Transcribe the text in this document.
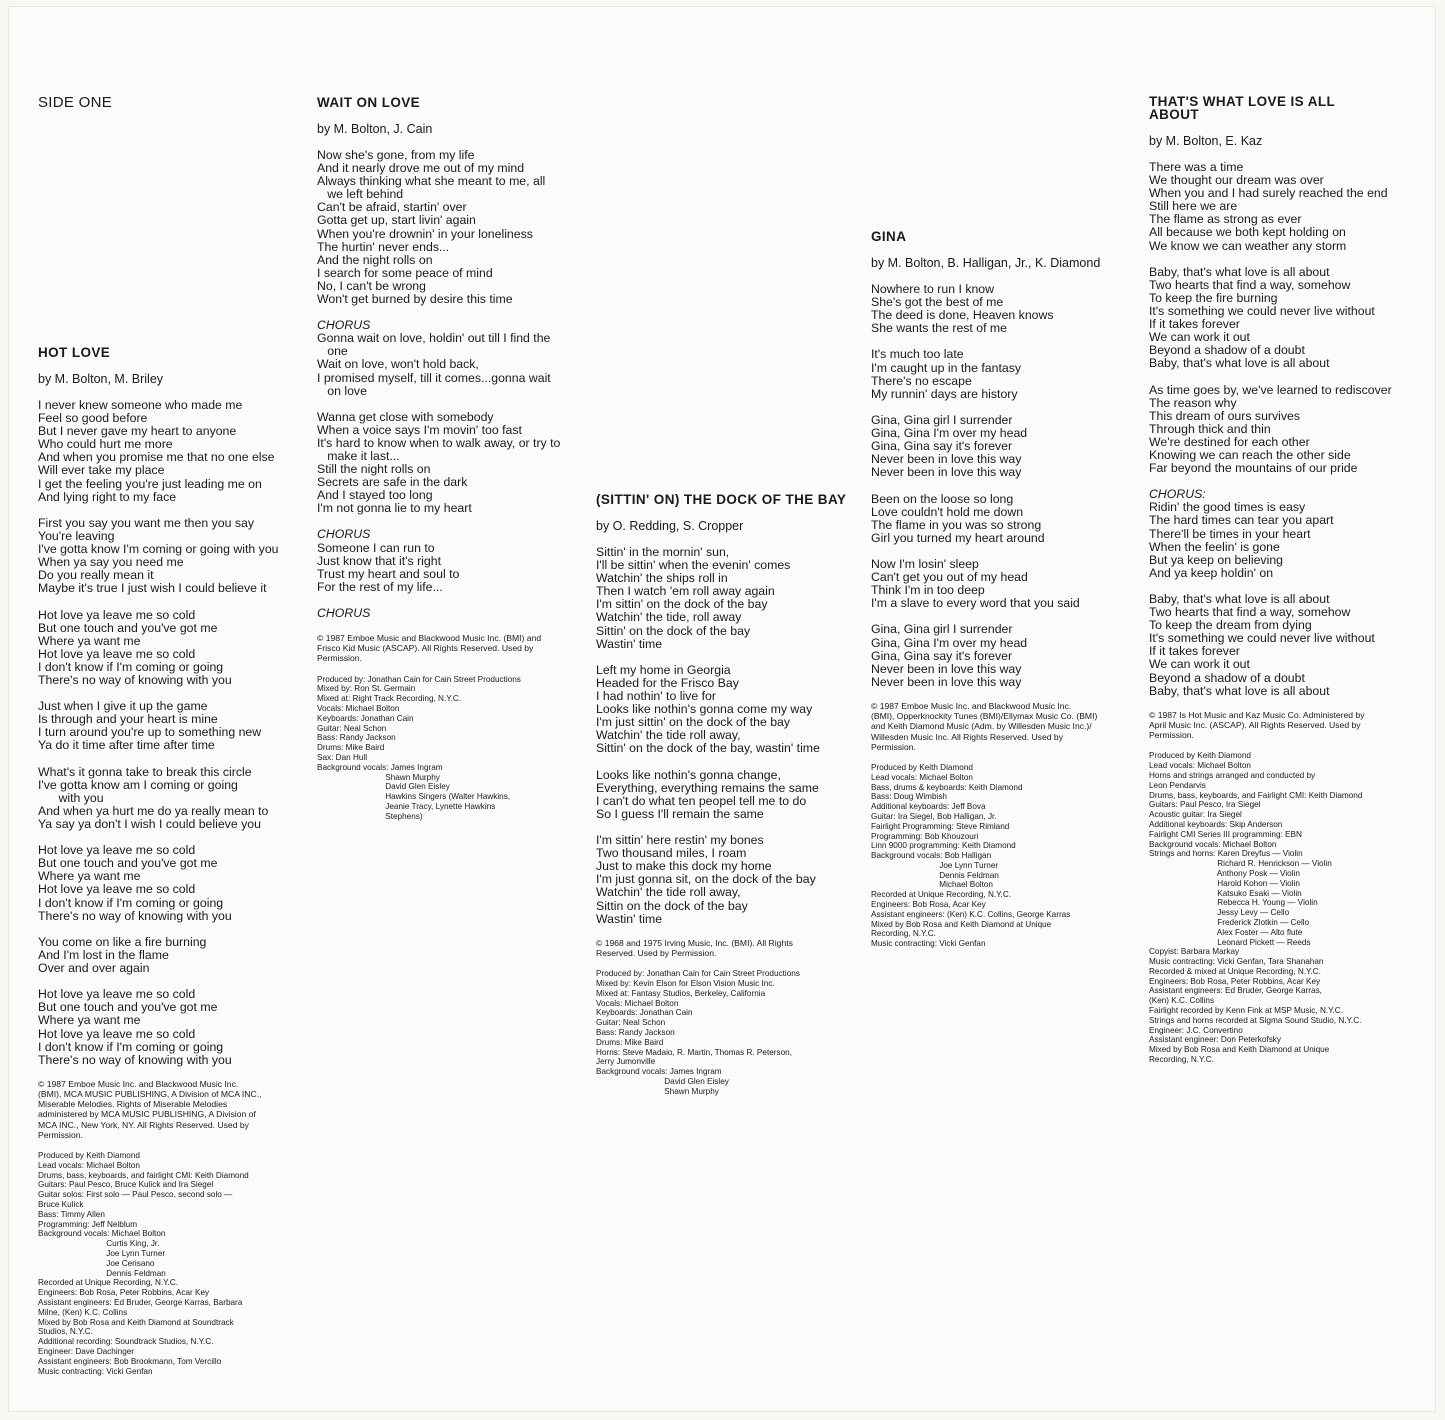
SIDE ONE

HOT LOVE

by M. Bolton, M. Briley

I never knew someone who made me
Feel so good before
But I never gave my heart to anyone
Who could hurt me more
And when you promise me that no one else
Will ever take my place
I get the feeling you're just leading me on
And lying right to my face

First you say you want me then you say
You're leaving
I've gotta know I'm coming or going with you
When ya say you need me
Do you really mean it
Maybe it's true I just wish I could believe it

Hot love ya leave me so cold
But one touch and you've got me
Where ya want me
Hot love ya leave me so cold
I don't know if I'm coming or going
There's no way of knowing with you

Just when I give it up the game
Is through and your heart is mine
I turn around you're up to something new
Ya do it time after time after time

What's it gonna take to break this circle
I've gotta know am I coming or going
with you
And when ya hurt me do ya really mean to
Ya say ya don't I wish I could believe you

Hot love ya leave me so cold
But one touch and you've got me
Where ya want me
Hot love ya leave me so cold
I don't know if I'm coming or going
There's no way of knowing with you

You come on like a fire burning
And I'm lost in the flame
Over and over again

Hot love ya leave me so cold
But one touch and you've got me
Where ya want me
Hot love ya leave me so cold
I don't know if I'm coming or going
There's no way of knowing with you

© 1987 Emboe Music Inc. and Blackwood Music Inc.
(BMI), MCA MUSIC PUBLISHING, A Division of MCA INC.,
Miserable Melodies. Rights of Miserable Melodies
administered by MCA MUSIC PUBLISHING, A Division of
MCA INC., New York, NY. All Rights Reserved. Used by
Permission.

Produced by Keith Diamond
Lead vocals: Michael Bolton
Drums, bass, keyboards, and fairlight CMI: Keith Diamond
Guitars: Paul Pesco, Bruce Kulick and Ira Siegel
Guitar solos: First solo — Paul Pesco, second solo —
Bruce Kulick
Bass: Timmy Allen
Programming: Jeff Neiblum
Background vocals: Michael Bolton
Curtis King, Jr.
Joe Lynn Turner
Joe Cerisano
Dennis Feldman
Recorded at Unique Recording, N.Y.C.
Engineers: Bob Rosa, Peter Robbins, Acar Key
Assistant engineers: Ed Bruder, George Karras, Barbara
Milne, (Ken) K.C. Collins
Mixed by Bob Rosa and Keith Diamond at Soundtrack
Studios, N.Y.C.
Additional recording: Soundtrack Studios, N.Y.C.
Engineer: Dave Dachinger
Assistant engineers: Bob Brookmann, Tom Vercillo
Music contracting: Vicki Genfan

WAIT ON LOVE

by M. Bolton, J. Cain

Now she's gone, from my life
And it nearly drove me out of my mind
Always thinking what she meant to me, all
we left behind
Can't be afraid, startin' over
Gotta get up, start livin' again
When you're drownin' in your loneliness
The hurtin' never ends...
And the night rolls on
I search for some peace of mind
No, I can't be wrong
Won't get burned by desire this time

CHORUS

Gonna wait on love, holdin' out till I find the
one
Wait on love, won't hold back,
I promised myself, till it comes...gonna wait
on love

Wanna get close with somebody
When a voice says I'm movin' too fast
It's hard to know when to walk away, or try to
make it last...
Still the night rolls on
Secrets are safe in the dark
And I stayed too long
I'm not gonna lie to my heart

CHORUS

Someone I can run to
Just know that it's right
Trust my heart and soul to
For the rest of my life...

CHORUS

© 1987 Emboe Music and Blackwood Music Inc. (BMI) and
Frisco Kid Music (ASCAP). All Rights Reserved. Used by
Permission.

Produced by: Jonathan Cain for Cain Street Productions
Mixed by: Ron St. Germain
Mixed at: Right Track Recording, N.Y.C.
Vocals: Michael Bolton
Keyboards: Jonathan Cain
Guitar: Neal Schon
Bass: Randy Jackson
Drums: Mike Baird
Sax: Dan Hull
Background vocals: James Ingram
Shawn Murphy
David Glen Eisley
Hawkins Singers (Walter Hawkins,
Jeanie Tracy, Lynette Hawkins
Stephens)

(SITTIN' ON) THE DOCK OF THE BAY

by O. Redding, S. Cropper

Sittin' in the mornin' sun,
I'll be sittin' when the evenin' comes
Watchin' the ships roll in
Then I watch 'em roll away again
I'm sittin' on the dock of the bay
Watchin' the tide, roll away
Sittin' on the dock of the bay
Wastin' time

Left my home in Georgia
Headed for the Frisco Bay
I had nothin' to live for
Looks like nothin's gonna come my way
I'm just sittin' on the dock of the bay
Watchin' the tide roll away,
Sittin' on the dock of the bay, wastin' time

Looks like nothin's gonna change,
Everything, everything remains the same
I can't do what ten peopel tell me to do
So I guess I'll remain the same

I'm sittin' here restin' my bones
Two thousand miles, I roam
Just to make this dock my home
I'm just gonna sit, on the dock of the bay
Watchin' the tide roll away,
Sittin on the dock of the bay
Wastin' time

© 1968 and 1975 Irving Music, Inc. (BMI). All Rights
Reserved. Used by Permission.

Produced by: Jonathan Cain for Cain Street Productions
Mixed by: Kevin Elson for Elson Vision Music Inc.
Mixed at: Fantasy Studios, Berkeley, California
Vocals: Michael Bolton
Keyboards: Jonathan Cain
Guitar: Neal Schon
Bass: Randy Jackson
Drums: Mike Baird
Horns: Steve Madaio, R. Martin, Thomas R. Peterson,
Jerry Jumonville
Background vocals: James Ingram
David Glen Eisley
Shawn Murphy

GINA

by M. Bolton, B. Halligan, Jr., K. Diamond

Nowhere to run I know
She's got the best of me
The deed is done, Heaven knows
She wants the rest of me

It's much too late
I'm caught up in the fantasy
There's no escape
My runnin' days are history

Gina, Gina girl I surrender
Gina, Gina I'm over my head
Gina, Gina say it's forever
Never been in love this way
Never been in love this way

Been on the loose so long
Love couldn't hold me down
The flame in you was so strong
Girl you turned my heart around

Now I'm losin' sleep
Can't get you out of my head
Think I'm in too deep
I'm a slave to every word that you said

Gina, Gina girl I surrender
Gina, Gina I'm over my head
Gina, Gina say it's forever
Never been in love this way
Never been in love this way

© 1987 Emboe Music Inc. and Blackwood Music Inc.
(BMI), Opperknockity Tunes (BMI)/Ellymax Music Co. (BMI)
and Keith Diamond Music (Adm. by Willesden Music Inc.)/
Willesden Music Inc. All Rights Reserved. Used by
Permission.

Produced by Keith Diamond
Lead vocals: Michael Bolton
Bass, drums & keyboards: Keith Diamond
Bass: Doug Wimbish
Additional keyboards: Jeff Bova
Guitar: Ira Siegel, Bob Halligan, Jr.
Fairlight Programming: Steve Rimland
Programming: Bob Khouzouri
Linn 9000 programming: Keith Diamond
Background vocals: Bob Halligan
Joe Lynn Turner
Dennis Feldman
Michael Bolton
Recorded at Unique Recording, N.Y.C.
Engineers: Bob Rosa, Acar Key
Assistant engineers: (Ken) K.C. Collins, George Karras
Mixed by Bob Rosa and Keith Diamond at Unique
Recording, N.Y.C.
Music contracting: Vicki Genfan

THAT'S WHAT LOVE IS ALL ABOUT

by M. Bolton, E. Kaz

There was a time
We thought our dream was over
When you and I had surely reached the end
Still here we are
The flame as strong as ever
All because we both kept holding on
We know we can weather any storm

Baby, that's what love is all about
Two hearts that find a way, somehow
To keep the fire burning
It's something we could never live without
If it takes forever
We can work it out
Beyond a shadow of a doubt
Baby, that's what love is all about

As time goes by, we've learned to rediscover
The reason why
This dream of ours survives
Through thick and thin
We're destined for each other
Knowing we can reach the other side
Far beyond the mountains of our pride

CHORUS:

Ridin' the good times is easy
The hard times can tear you apart
There'll be times in your heart
When the feelin' is gone
But ya keep on believing
And ya keep holdin' on

Baby, that's what love is all about
Two hearts that find a way, somehow
To keep the dream from dying
It's something we could never live without
If it takes forever
We can work it out
Beyond a shadow of a doubt
Baby, that's what love is all about

© 1987 Is Hot Music and Kaz Music Co. Administered by
April Music Inc. (ASCAP). All Rights Reserved. Used by
Permission.

Produced by Keith Diamond
Lead vocals: Michael Bolton
Horns and strings arranged and conducted by
Leon Pendarvis
Drums, bass, keyboards, and Fairlight CMI: Keith Diamond
Guitars: Paul Pesco, Ira Siegel
Acoustic guitar: Ira Siegel
Additional keyboards: Skip Anderson
Fairlight CMI Series III programming: EBN
Background vocals: Michael Bolton
Strings and horns: Karen Dreyfus — Violin
Richard R. Henrickson — Violin
Anthony Posk — Violin
Harold Kohon — Violin
Katsuko Esaki — Violin
Rebecca H. Young — Violin
Jessy Levy — Cello
Frederick Zlotkin — Cello
Alex Foster — Alto flute
Leonard Pickett — Reeds
Copyist: Barbara Markay
Music contracting: Vicki Genfan, Tara Shanahan
Recorded & mixed at Unique Recording, N.Y.C.
Engineers: Bob Rosa, Peter Robbins, Acar Key
Assistant engineers: Ed Bruder, George Karras,
(Ken) K.C. Collins
Fairlight recorded by Kenn Fink at MSP Music, N.Y.C.
Strings and horns recorded at Sigma Sound Studio, N.Y.C.
Engineer: J.C. Convertino
Assistant engineer: Don Peterkofsky
Mixed by Bob Rosa and Keith Diamond at Unique
Recording, N.Y.C.
